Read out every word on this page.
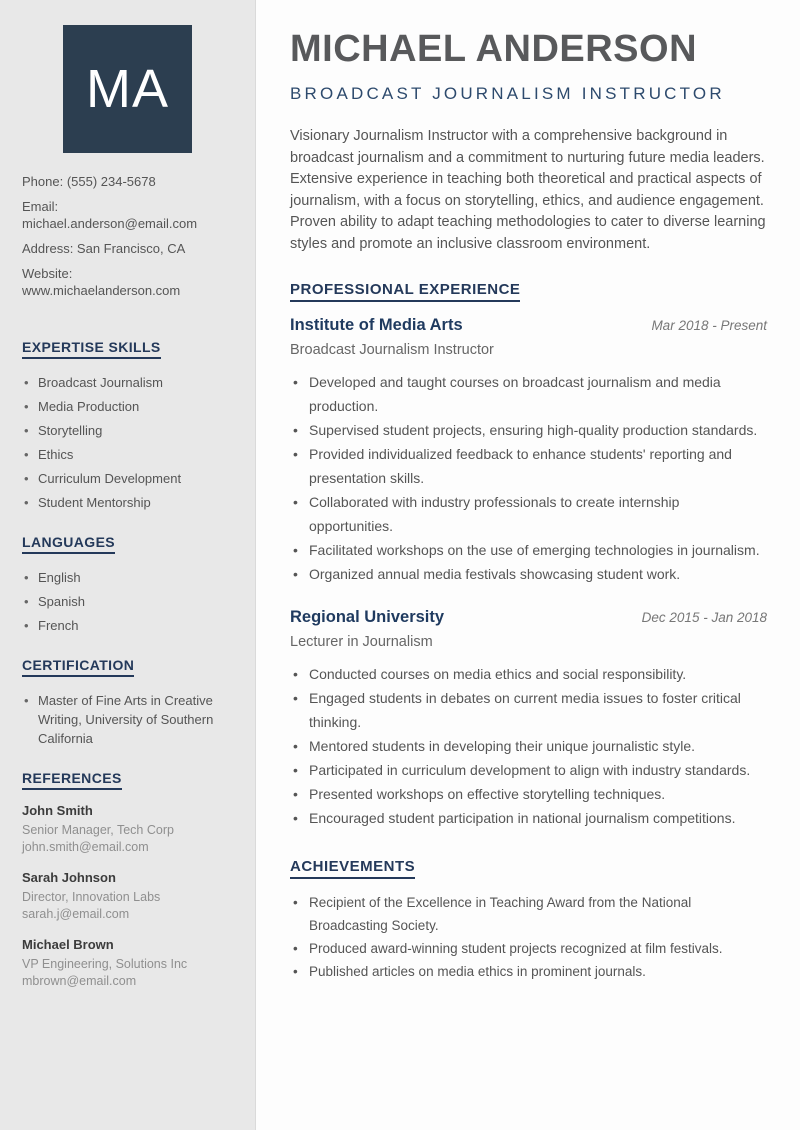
MA
Phone: (555) 234-5678
Email: michael.anderson@email.com
Address: San Francisco, CA
Website: www.michaelanderson.com
EXPERTISE SKILLS
• Broadcast Journalism
• Media Production
• Storytelling
• Ethics
• Curriculum Development
• Student Mentorship
LANGUAGES
• English
• Spanish
• French
CERTIFICATION
• Master of Fine Arts in Creative Writing, University of Southern California
REFERENCES
John Smith
Senior Manager, Tech Corp
john.smith@email.com
Sarah Johnson
Director, Innovation Labs
sarah.j@email.com
Michael Brown
VP Engineering, Solutions Inc
mbrown@email.com
MICHAEL ANDERSON
BROADCAST JOURNALISM INSTRUCTOR

Visionary Journalism Instructor with a comprehensive background in broadcast journalism and a commitment to nurturing future media leaders. Extensive experience in teaching both theoretical and practical aspects of journalism, with a focus on storytelling, ethics, and audience engagement. Proven ability to adapt teaching methodologies to cater to diverse learning styles and promote an inclusive classroom environment.

PROFESSIONAL EXPERIENCE
Institute of Media Arts	Mar 2018 - Present
Broadcast Journalism Instructor
• Developed and taught courses on broadcast journalism and media production.
• Supervised student projects, ensuring high-quality production standards.
• Provided individualized feedback to enhance students' reporting and presentation skills.
• Collaborated with industry professionals to create internship opportunities.
• Facilitated workshops on the use of emerging technologies in journalism.
• Organized annual media festivals showcasing student work.
Regional University	Dec 2015 - Jan 2018
Lecturer in Journalism
• Conducted courses on media ethics and social responsibility.
• Engaged students in debates on current media issues to foster critical thinking.
• Mentored students in developing their unique journalistic style.
• Participated in curriculum development to align with industry standards.
• Presented workshops on effective storytelling techniques.
• Encouraged student participation in national journalism competitions.
ACHIEVEMENTS
• Recipient of the Excellence in Teaching Award from the National Broadcasting Society.
• Produced award-winning student projects recognized at film festivals.
• Published articles on media ethics in prominent journals.
